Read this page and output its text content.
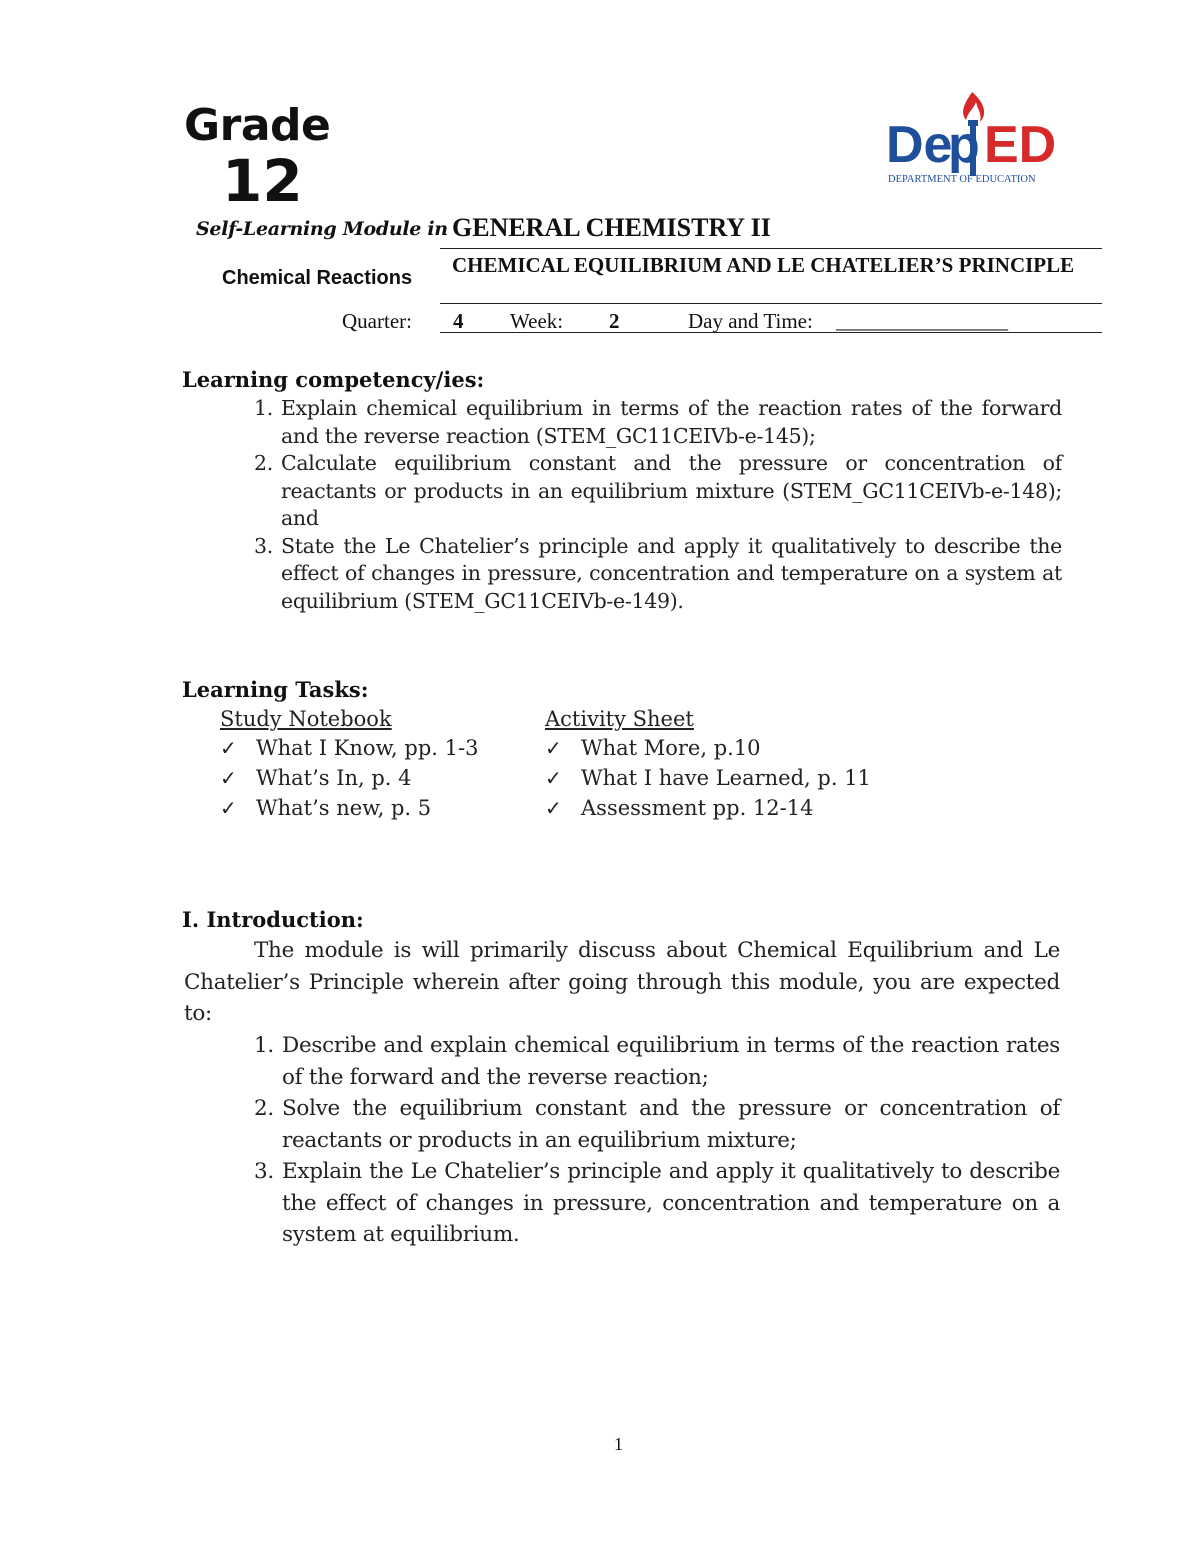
Grade
12
De
p ED
DEPARTMENT OF EDUCATION
Self-Learning Module in GENERAL CHEMISTRY II
Chemical Reactions
CHEMICAL EQUILIBRIUM AND LE CHATELIER’S PRINCIPLE
Quarter: 4 Week: 2	Day and Time: ____________________
Learning competency/ies:
1. Explain chemical equilibrium in terms of the reaction rates of the forward and the reverse reaction (STEM_GC11CEIVb-e-145);
2. Calculate equilibrium constant and the pressure or concentration of reactants or products in an equilibrium mixture (STEM_GC11CEIVb-e-148); and
3. State the Le Chatelier’s principle and apply it qualitatively to describe the effect of changes in pressure, concentration and temperature on a system at equilibrium (STEM_GC11CEIVb-e-149).
Learning Tasks:
Study Notebook
✓ What I Know, pp. 1-3
✓ What’s In, p. 4
✓ What’s new, p. 5
Activity Sheet
✓ What More, p.10
✓ What I have Learned, p. 11
✓ Assessment pp. 12-14
I. Introduction:
The module is will primarily discuss about Chemical Equilibrium and Le Chatelier’s Principle wherein after going through this module, you are expected to:
1. Describe and explain chemical equilibrium in terms of the reaction rates of the forward and the reverse reaction;
2. Solve the equilibrium constant and the pressure or concentration of reactants or products in an equilibrium mixture;
3. Explain the Le Chatelier’s principle and apply it qualitatively to describe the effect of changes in pressure, concentration and temperature on a system at equilibrium.
1
